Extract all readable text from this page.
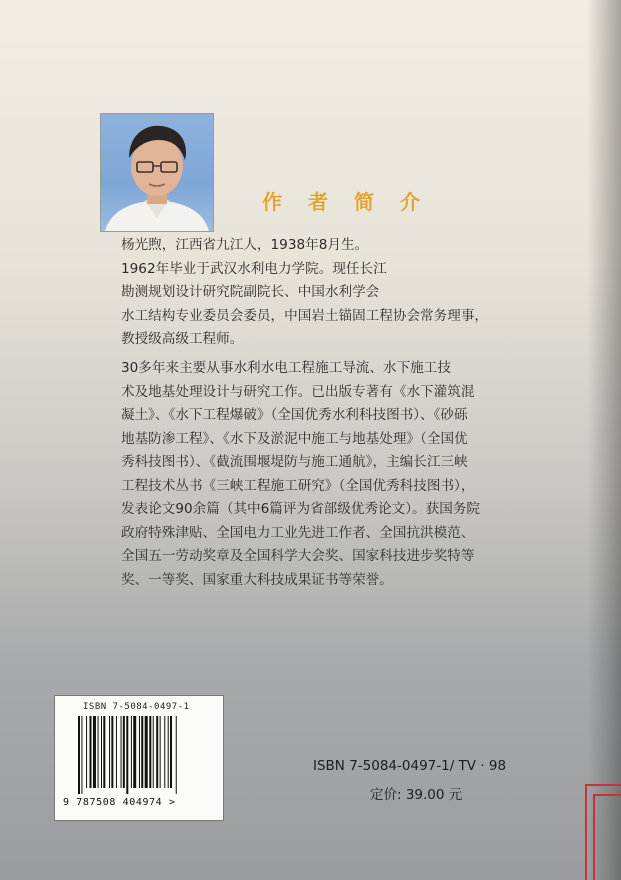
作者简介
杨光煦，江西省九江人，1938年8月生。
1962年毕业于武汉水利电力学院。现任长江
勘测规划设计研究院副院长、中国水利学会
水工结构专业委员会委员，中国岩土锚固工程协会常务理事，
教授级高级工程师。
30多年来主要从事水利水电工程施工导流、水下施工技
术及地基处理设计与研究工作。已出版专著有《水下灌筑混
凝土》、《水下工程爆破》（全国优秀水利科技图书）、《砂砾
地基防渗工程》、《水下及淤泥中施工与地基处理》（全国优
秀科技图书）、《截流围堰堤防与施工通航》，主编长江三峡
工程技术丛书《三峡工程施工研究》（全国优秀科技图书），
发表论文90余篇（其中6篇评为省部级优秀论文）。获国务院
政府特殊津贴、全国电力工业先进工作者、全国抗洪模范、
全国五一劳动奖章及全国科学大会奖、国家科技进步奖特等
奖、一等奖、国家重大科技成果证书等荣誉。
ISBN 7-5084-0497-1
9 787508 404974 >
ISBN 7-5084-0497-1/ TV · 98
定价: 39.00 元
